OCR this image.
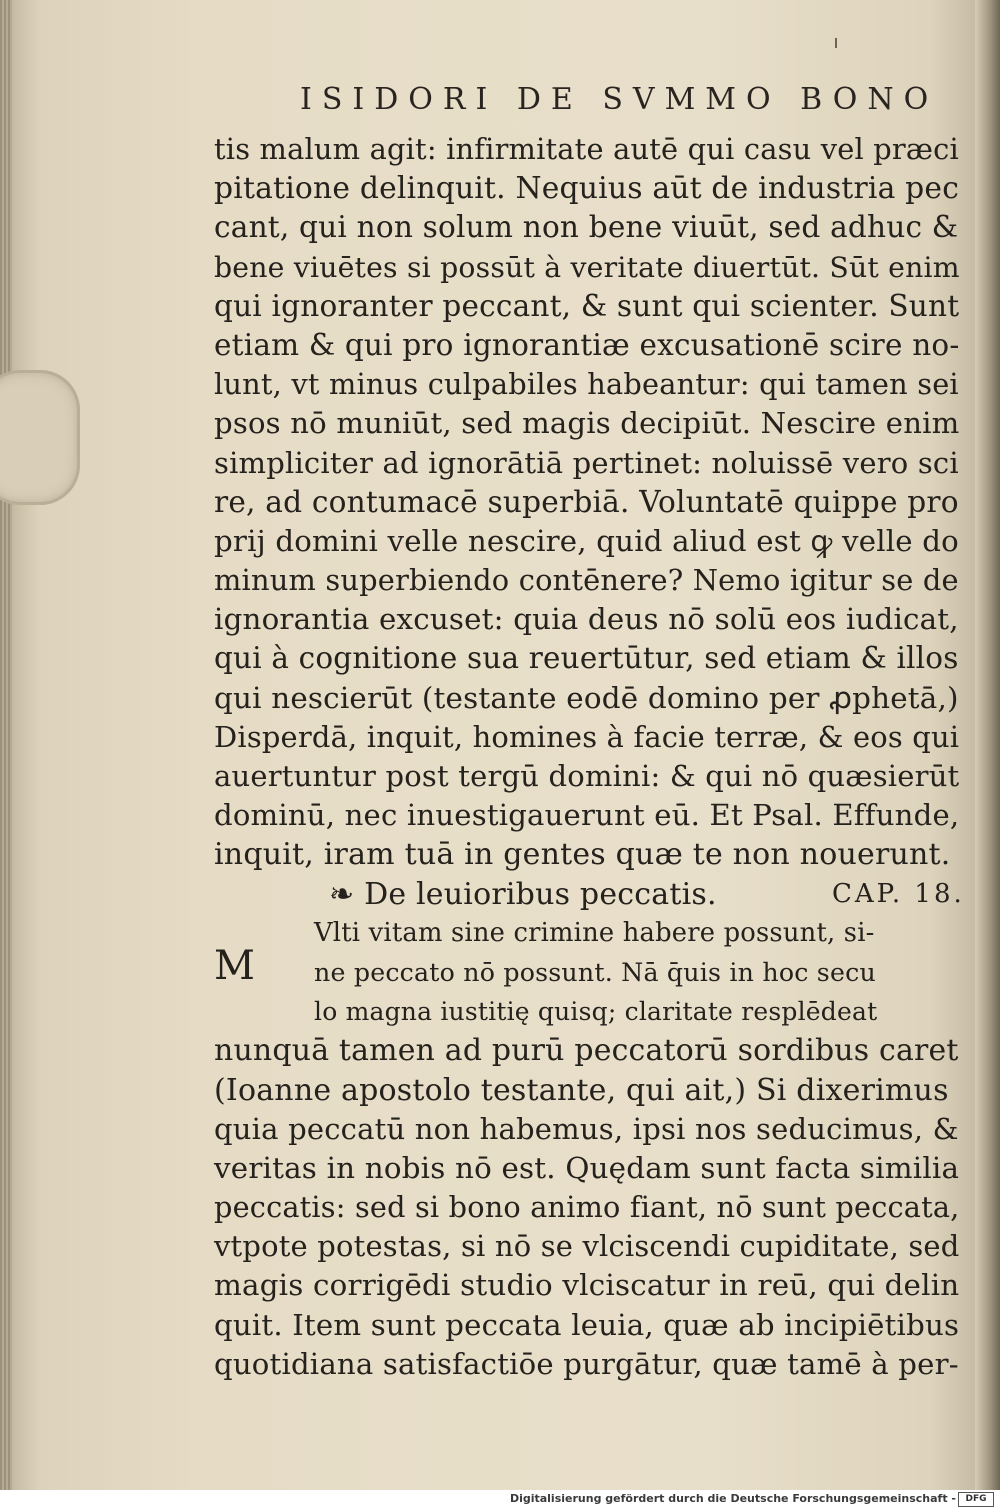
ISIDORI DE SVMMO BONO
tis malum agit: infirmitate autē qui casu vel præci
pitatione delinquit. Nequius aūt de industria pec
cant, qui non solum non bene viuūt, sed adhuc &
bene viuētes si possūt à veritate diuertūt. Sūt enim
qui ignoranter peccant, & sunt qui scienter. Sunt
etiam & qui pro ignorantiæ excusationē scire no-
lunt, vt minus culpabiles habeantur: qui tamen sei
psos nō muniūt, sed magis decipiūt. Nescire enim
simpliciter ad ignorātiā pertinet: noluissē vero sci
re, ad contumacē superbiā. Voluntatē quippe pro
prij domini velle nescire, quid aliud est ꝙ velle do
minum superbiendo contēnere? Nemo igitur se de
ignorantia excuset: quia deus nō solū eos iudicat,
qui à cognitione sua reuertūtur, sed etiam & illos
qui nescierūt (testante eodē domino per ꝓphetā,)
Disperdā, inquit, homines à facie terræ, & eos qui
auertuntur post tergū domini: & qui nō quæsierūt
dominū, nec inuestigauerunt eū. Et Psal. Effunde,
inquit, iram tuā in gentes quæ te non nouerunt.
❧ De leuioribus peccatis.	CAP. 18.
Vlti vitam sine crimine habere possunt, si-
ne peccato nō possunt. Nā q̄uis in hoc secu
lo magna iustitię quisq; claritate resplēdeat
nunquā tamen ad purū peccatorū sordibus caret
(Ioanne apostolo testante, qui ait,) Si dixerimus
quia peccatū non habemus, ipsi nos seducimus, &
veritas in nobis nō est. Quędam sunt facta similia
peccatis: sed si bono animo fiant, nō sunt peccata,
vtpote potestas, si nō se vlciscendi cupiditate, sed
magis corrigēdi studio vlciscatur in reū, qui delin
quit. Item sunt peccata leuia, quæ ab incipiētibus
quotidiana satisfactiōe purgātur, quæ tamē à per-
M
Digitalisierung gefördert durch die Deutsche Forschungsgemeinschaft -	DFG
